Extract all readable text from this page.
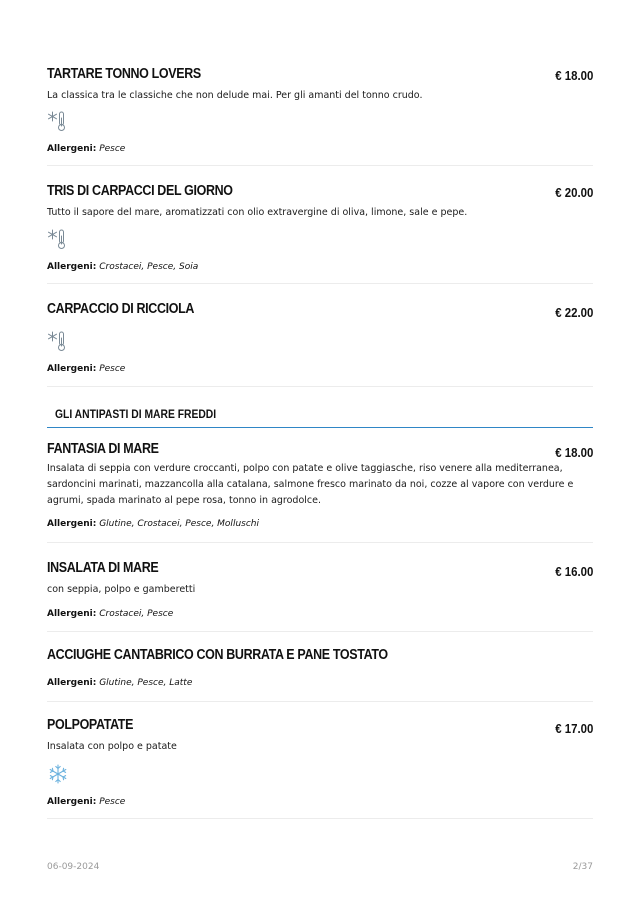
TARTARE TONNO LOVERS	€ 18.00

La classica tra le classiche che non delude mai. Per gli amanti del tonno crudo.

Allergeni: Pesce
TRIS DI CARPACCI DEL GIORNO	€ 20.00

Tutto il sapore del mare, aromatizzati con olio extravergine di oliva, limone, sale e pepe.

Allergeni: Crostacei, Pesce, Soia
CARPACCIO DI RICCIOLA	€ 22.00
Allergeni: Pesce
GLI ANTIPASTI DI MARE FREDDI
FANTASIA DI MARE	€ 18.00

Insalata di seppia con verdure croccanti, polpo con patate e olive taggiasche, riso venere alla mediterranea, sardoncini marinati, mazzancolla alla catalana, salmone fresco marinato da noi, cozze al vapore con verdure e agrumi, spada marinato al pepe rosa, tonno in agrodolce.

Allergeni: Glutine, Crostacei, Pesce, Molluschi
INSALATA DI MARE	€ 16.00

con seppia, polpo e gamberetti

Allergeni: Crostacei, Pesce
ACCIUGHE CANTABRICO CON BURRATA E PANE TOSTATO
Allergeni: Glutine, Pesce, Latte
POLPOPATATE	€ 17.00

Insalata con polpo e patate

Allergeni: Pesce
06-09-2024	2/37
